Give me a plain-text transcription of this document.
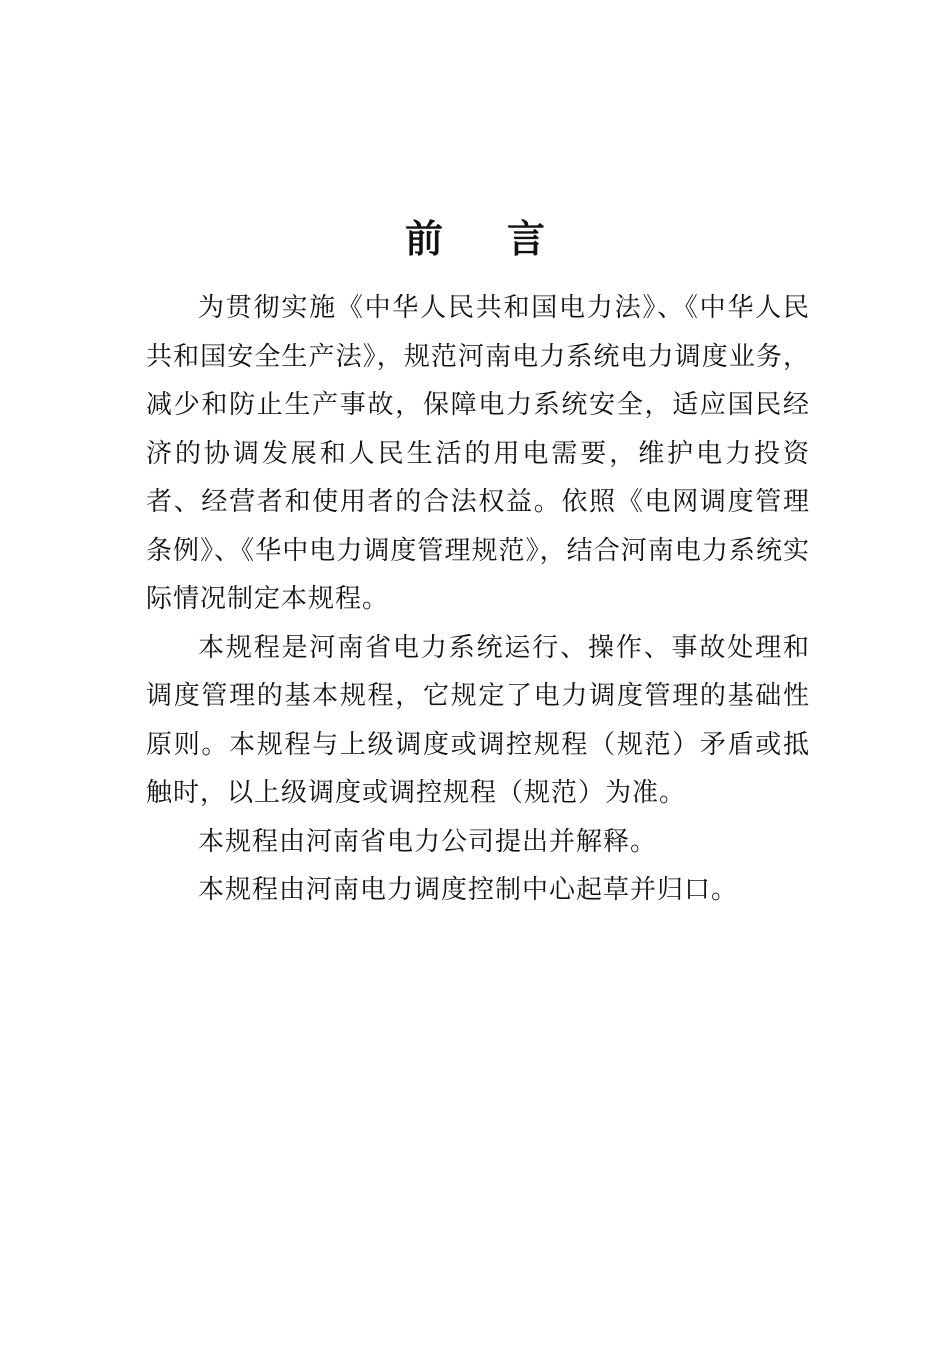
前言

为贯彻实施《中华人民共和国电力法》、《中华人民共和国安全生产法》，规范河南电力系统电力调度业务，减少和防止生产事故，保障电力系统安全，适应国民经济的协调发展和人民生活的用电需要，维护电力投资者、经营者和使用者的合法权益。依照《电网调度管理条例》、《华中电力调度管理规范》，结合河南电力系统实际情况制定本规程。

本规程是河南省电力系统运行、操作、事故处理和调度管理的基本规程，它规定了电力调度管理的基础性原则。本规程与上级调度或调控规程（规范）矛盾或抵触时，以上级调度或调控规程（规范）为准。

本规程由河南省电力公司提出并解释。

本规程由河南电力调度控制中心起草并归口。
